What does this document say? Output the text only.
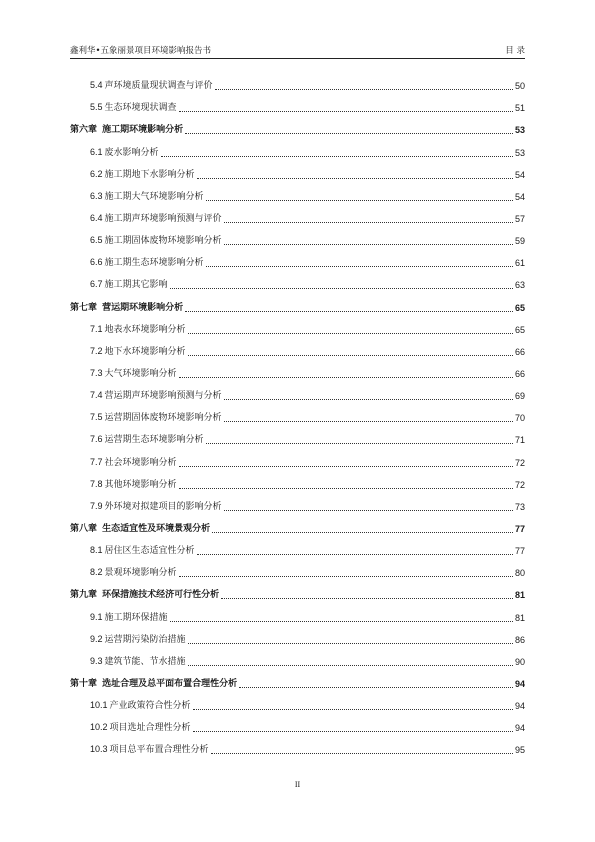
鑫利华•五象丽景项目环境影响报告书	目 录
5.4 声环境质量现状调查与评价	50
5.5 生态环境现状调查	51
第六章 施工期环境影响分析	53
6.1 废水影响分析	53
6.2 施工期地下水影响分析	54
6.3 施工期大气环境影响分析	54
6.4 施工期声环境影响预测与评价	57
6.5 施工期固体废物环境影响分析	59
6.6 施工期生态环境影响分析	61
6.7 施工期其它影响	63
第七章 营运期环境影响分析	65
7.1 地表水环境影响分析	65
7.2 地下水环境影响分析	66
7.3 大气环境影响分析	66
7.4 营运期声环境影响预测与分析	69
7.5 运营期固体废物环境影响分析	70
7.6 运营期生态环境影响分析	71
7.7 社会环境影响分析	72
7.8 其他环境影响分析	72
7.9 外环境对拟建项目的影响分析	73
第八章 生态适宜性及环境景观分析	77
8.1 居住区生态适宜性分析	77
8.2 景观环境影响分析	80
第九章 环保措施技术经济可行性分析	81
9.1 施工期环保措施	81
9.2 运营期污染防治措施	86
9.3 建筑节能、节水措施	90
第十章 选址合理及总平面布置合理性分析	94
10.1 产业政策符合性分析	94
10.2 项目选址合理性分析	94
10.3 项目总平布置合理性分析	95
II
